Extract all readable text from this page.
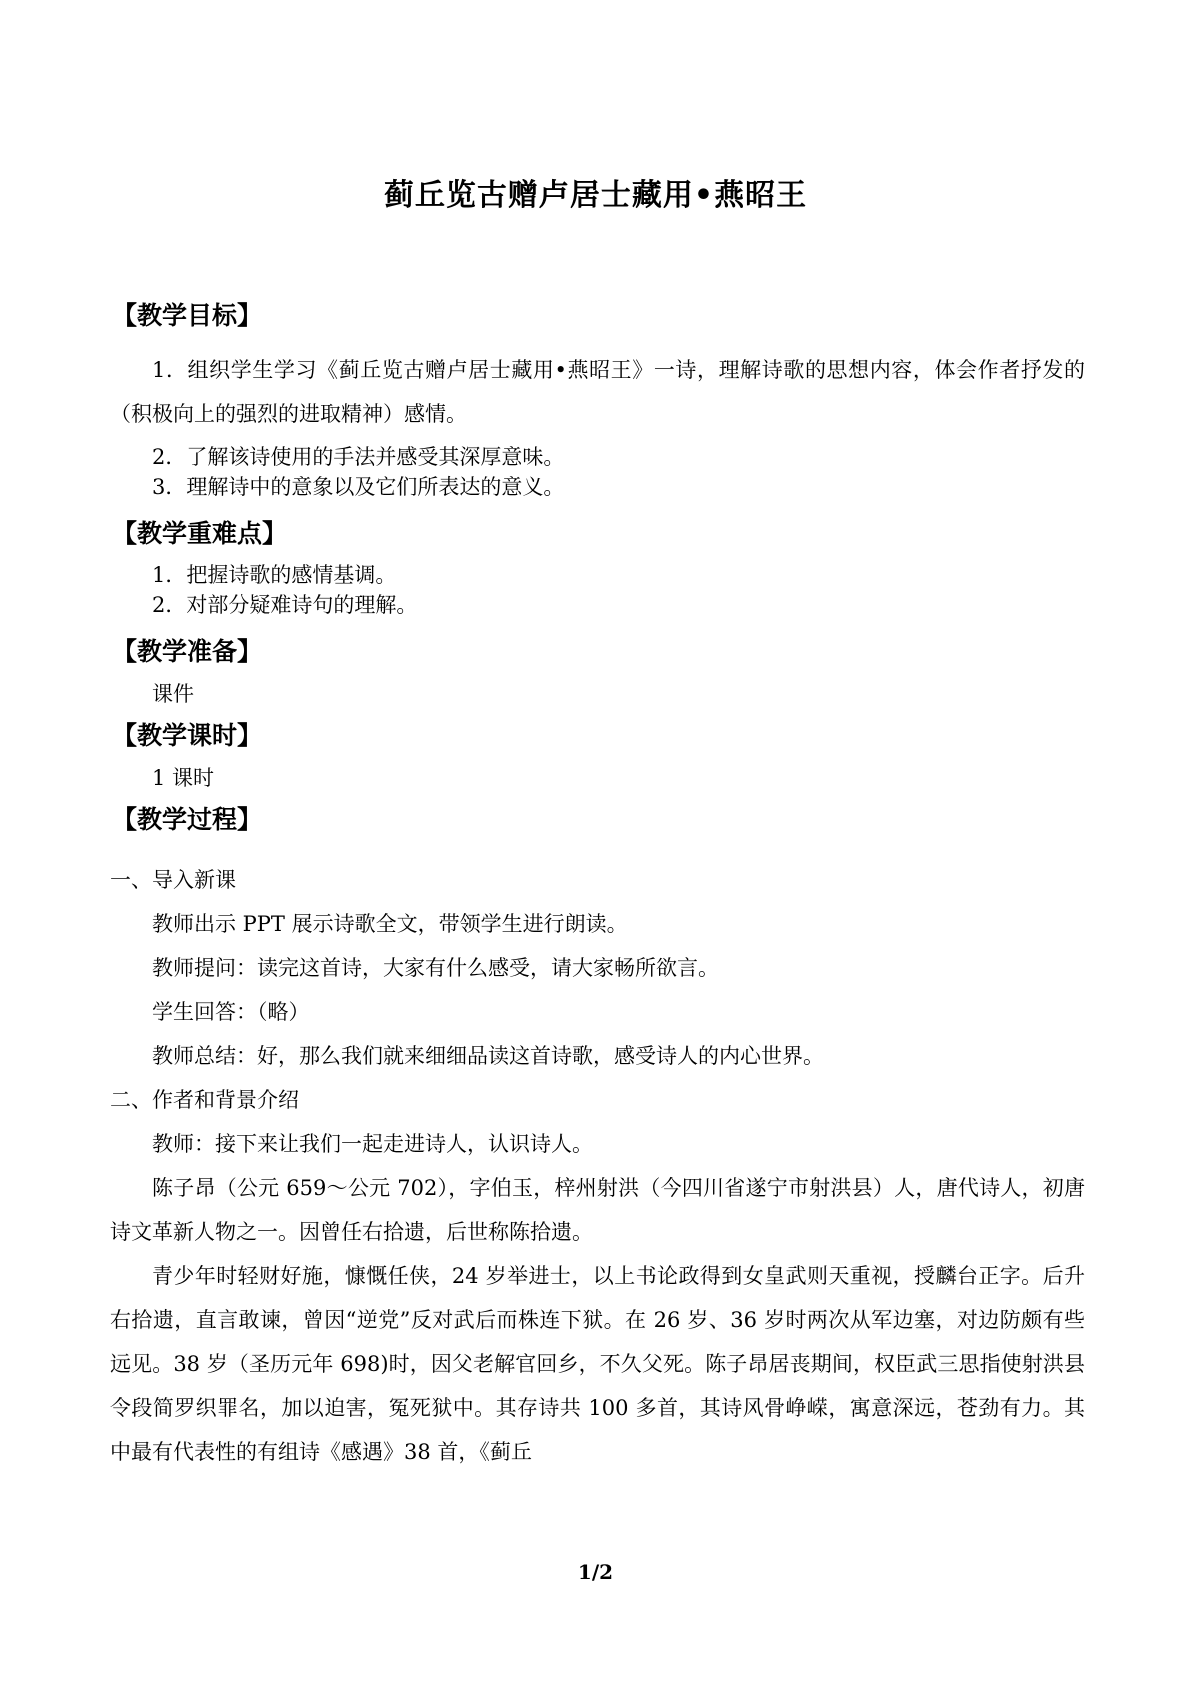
蓟丘览古赠卢居士藏用•燕昭王
【教学目标】
1．组织学生学习《蓟丘览古赠卢居士藏用•燕昭王》一诗，理解诗歌的思想内容，体会作者抒发的（积极向上的强烈的进取精神）感情。
2．了解该诗使用的手法并感受其深厚意味。
3．理解诗中的意象以及它们所表达的意义。
【教学重难点】
1．把握诗歌的感情基调。
2．对部分疑难诗句的理解。
【教学准备】
课件
【教学课时】
1 课时
【教学过程】
一、导入新课
教师出示 PPT 展示诗歌全文，带领学生进行朗读。
教师提问：读完这首诗，大家有什么感受，请大家畅所欲言。
学生回答：（略）
教师总结：好，那么我们就来细细品读这首诗歌，感受诗人的内心世界。
二、作者和背景介绍
教师：接下来让我们一起走进诗人，认识诗人。
陈子昂（公元 659～公元 702），字伯玉，梓州射洪（今四川省遂宁市射洪县）人，唐代诗人，初唐诗文革新人物之一。因曾任右拾遗，后世称陈拾遗。
青少年时轻财好施，慷慨任侠，24 岁举进士，以上书论政得到女皇武则天重视，授麟台正字。后升右拾遗，直言敢谏，曾因“逆党”反对武后而株连下狱。在 26 岁、36 岁时两次从军边塞，对边防颇有些远见。38 岁（圣历元年 698)时，因父老解官回乡，不久父死。陈子昂居丧期间，权臣武三思指使射洪县令段简罗织罪名，加以迫害，冤死狱中。其存诗共 100 多首，其诗风骨峥嵘，寓意深远，苍劲有力。其中最有代表性的有组诗《感遇》38 首，《蓟丘
1/2
